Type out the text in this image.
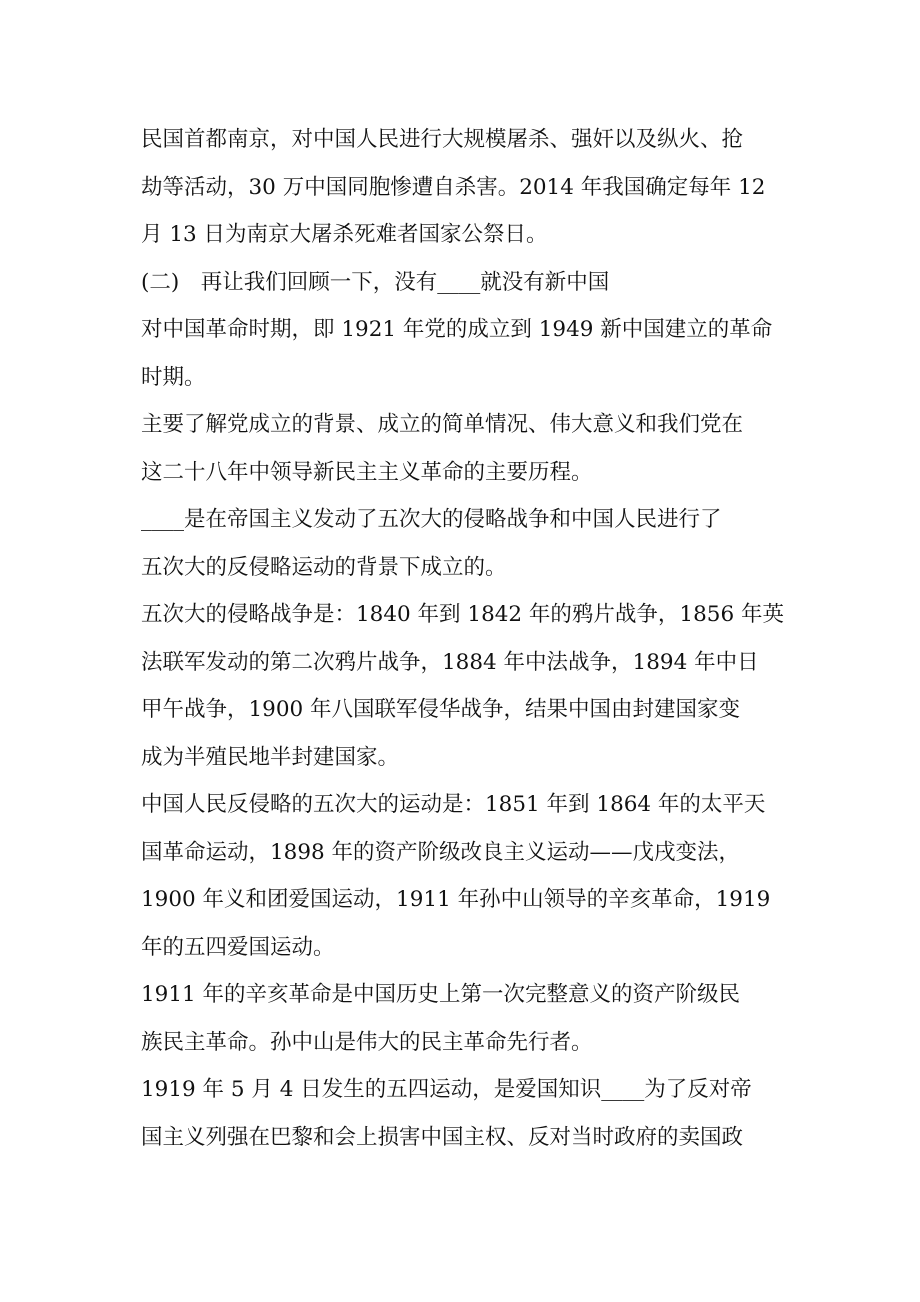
民国首都南京，对中国人民进行大规模屠杀、强奸以及纵火、抢
劫等活动，30 万中国同胞惨遭自杀害。2014 年我国确定每年 12
月 13 日为南京大屠杀死难者国家公祭日。
(二)　再让我们回顾一下，没有____就没有新中国
对中国革命时期，即 1921 年党的成立到 1949 新中国建立的革命
时期。
主要了解党成立的背景、成立的简单情况、伟大意义和我们党在
这二十八年中领导新民主主义革命的主要历程。
____是在帝国主义发动了五次大的侵略战争和中国人民进行了
五次大的反侵略运动的背景下成立的。
五次大的侵略战争是：1840 年到 1842 年的鸦片战争，1856 年英
法联军发动的第二次鸦片战争，1884 年中法战争，1894 年中日
甲午战争，1900 年八国联军侵华战争，结果中国由封建国家变
成为半殖民地半封建国家。
中国人民反侵略的五次大的运动是：1851 年到 1864 年的太平天
国革命运动，1898 年的资产阶级改良主义运动——戊戌变法，
1900 年义和团爱国运动，1911 年孙中山领导的辛亥革命，1919
年的五四爱国运动。
1911 年的辛亥革命是中国历史上第一次完整意义的资产阶级民
族民主革命。孙中山是伟大的民主革命先行者。
1919 年 5 月 4 日发生的五四运动，是爱国知识____为了反对帝
国主义列强在巴黎和会上损害中国主权、反对当时政府的卖国政
